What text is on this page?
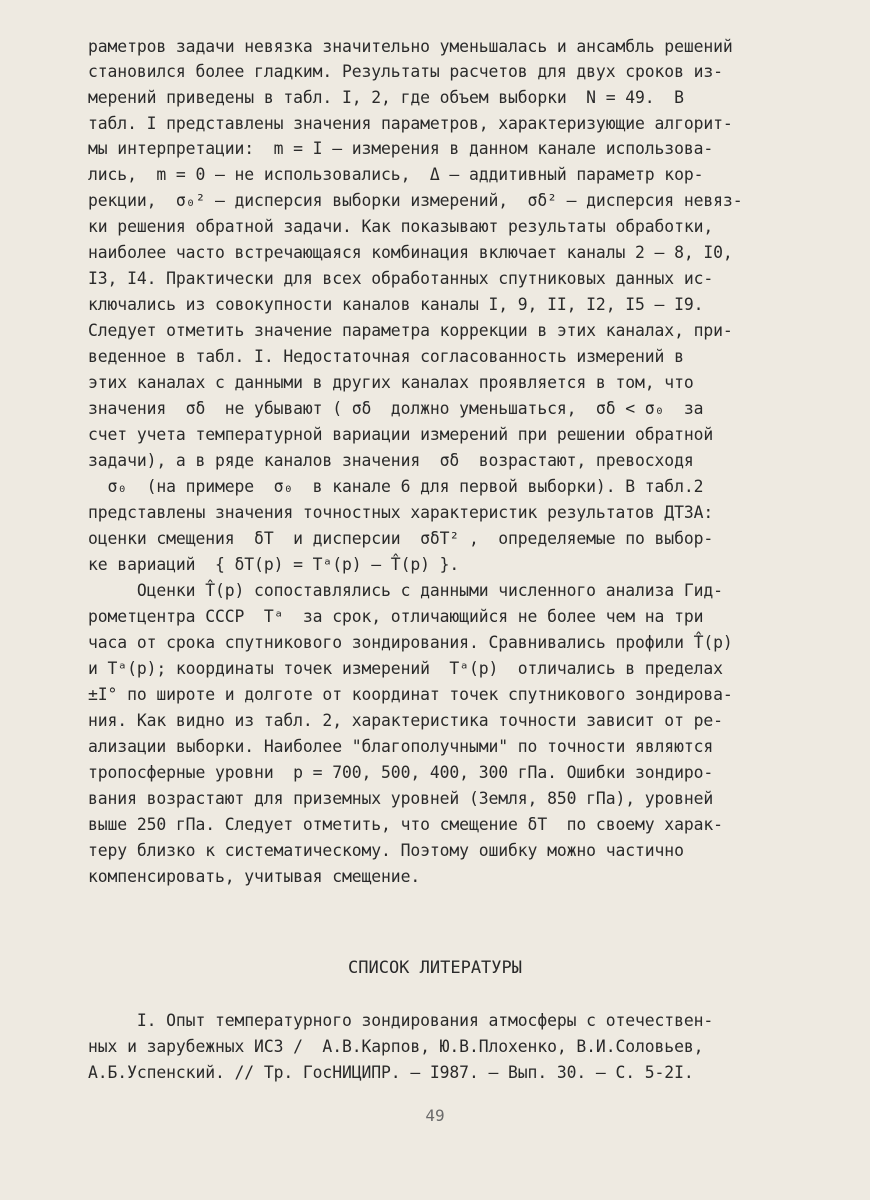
раметров задачи невязка значительно уменьшалась и ансамбль решений
становился более гладким. Результаты расчетов для двух сроков из-
мерений приведены в табл. I, 2, где объем выборки  N = 49.  В
табл. I представлены значения параметров, характеризующие алгорит-
мы интерпретации:  m = I – измерения в данном канале использова-
лись,  m = 0 – не использовались,  Δ – аддитивный параметр кор-
рекции,  σ₀² – дисперсия выборки измерений,  σδ² – дисперсия невяз-
ки решения обратной задачи. Как показывают результаты обработки,
наиболее часто встречающаяся комбинация включает каналы 2 – 8, I0,
I3, I4. Практически для всех обработанных спутниковых данных ис-
ключались из совокупности каналов каналы I, 9, II, I2, I5 – I9.
Следует отметить значение параметра коррекции в этих каналах, при-
веденное в табл. I. Недостаточная согласованность измерений в
этих каналах с данными в других каналах проявляется в том, что
значения  σδ  не убывают ( σδ  должно уменьшаться,  σδ < σ₀  за
счет учета температурной вариации измерений при решении обратной
задачи), а в ряде каналов значения  σδ  возрастают, превосходя
σ₀  (на примере  σ₀  в канале 6 для первой выборки). В табл.2
представлены значения точностных характеристик результатов ДТЗА:
оценки смещения  δT  и дисперсии  σδT² ,  определяемые по выбор-
ке вариаций  { δT(p) = Tᵃ(p) – T̂(p) }.
Оценки T̂(p) сопоставлялись с данными численного анализа Гид-
рометцентра СССР  Tᵃ  за срок, отличающийся не более чем на три
часа от срока спутникового зондирования. Сравнивались профили T̂(p)
и Tᵃ(p); координаты точек измерений  Tᵃ(p)  отличались в пределах
±I° по широте и долготе от координат точек спутникового зондирова-
ния. Как видно из табл. 2, характеристика точности зависит от ре-
ализации выборки. Наиболее "благополучными" по точности являются
тропосферные уровни  p = 700, 500, 400, 300 гПа. Ошибки зондиро-
вания возрастают для приземных уровней (Земля, 850 гПа), уровней
выше 250 гПа. Следует отметить, что смещение δT  по своему харак-
теру близко к систематическому. Поэтому ошибку можно частично
компенсировать, учитывая смещение.
СПИСОК ЛИТЕРАТУРЫ
I. Опыт температурного зондирования атмосферы с отечествен-
ных и зарубежных ИСЗ /  А.В.Карпов, Ю.В.Плохенко, В.И.Соловьев,
А.Б.Успенский. // Тр. ГосНИЦИПР. – I987. – Вып. 30. – С. 5-2I.
49
